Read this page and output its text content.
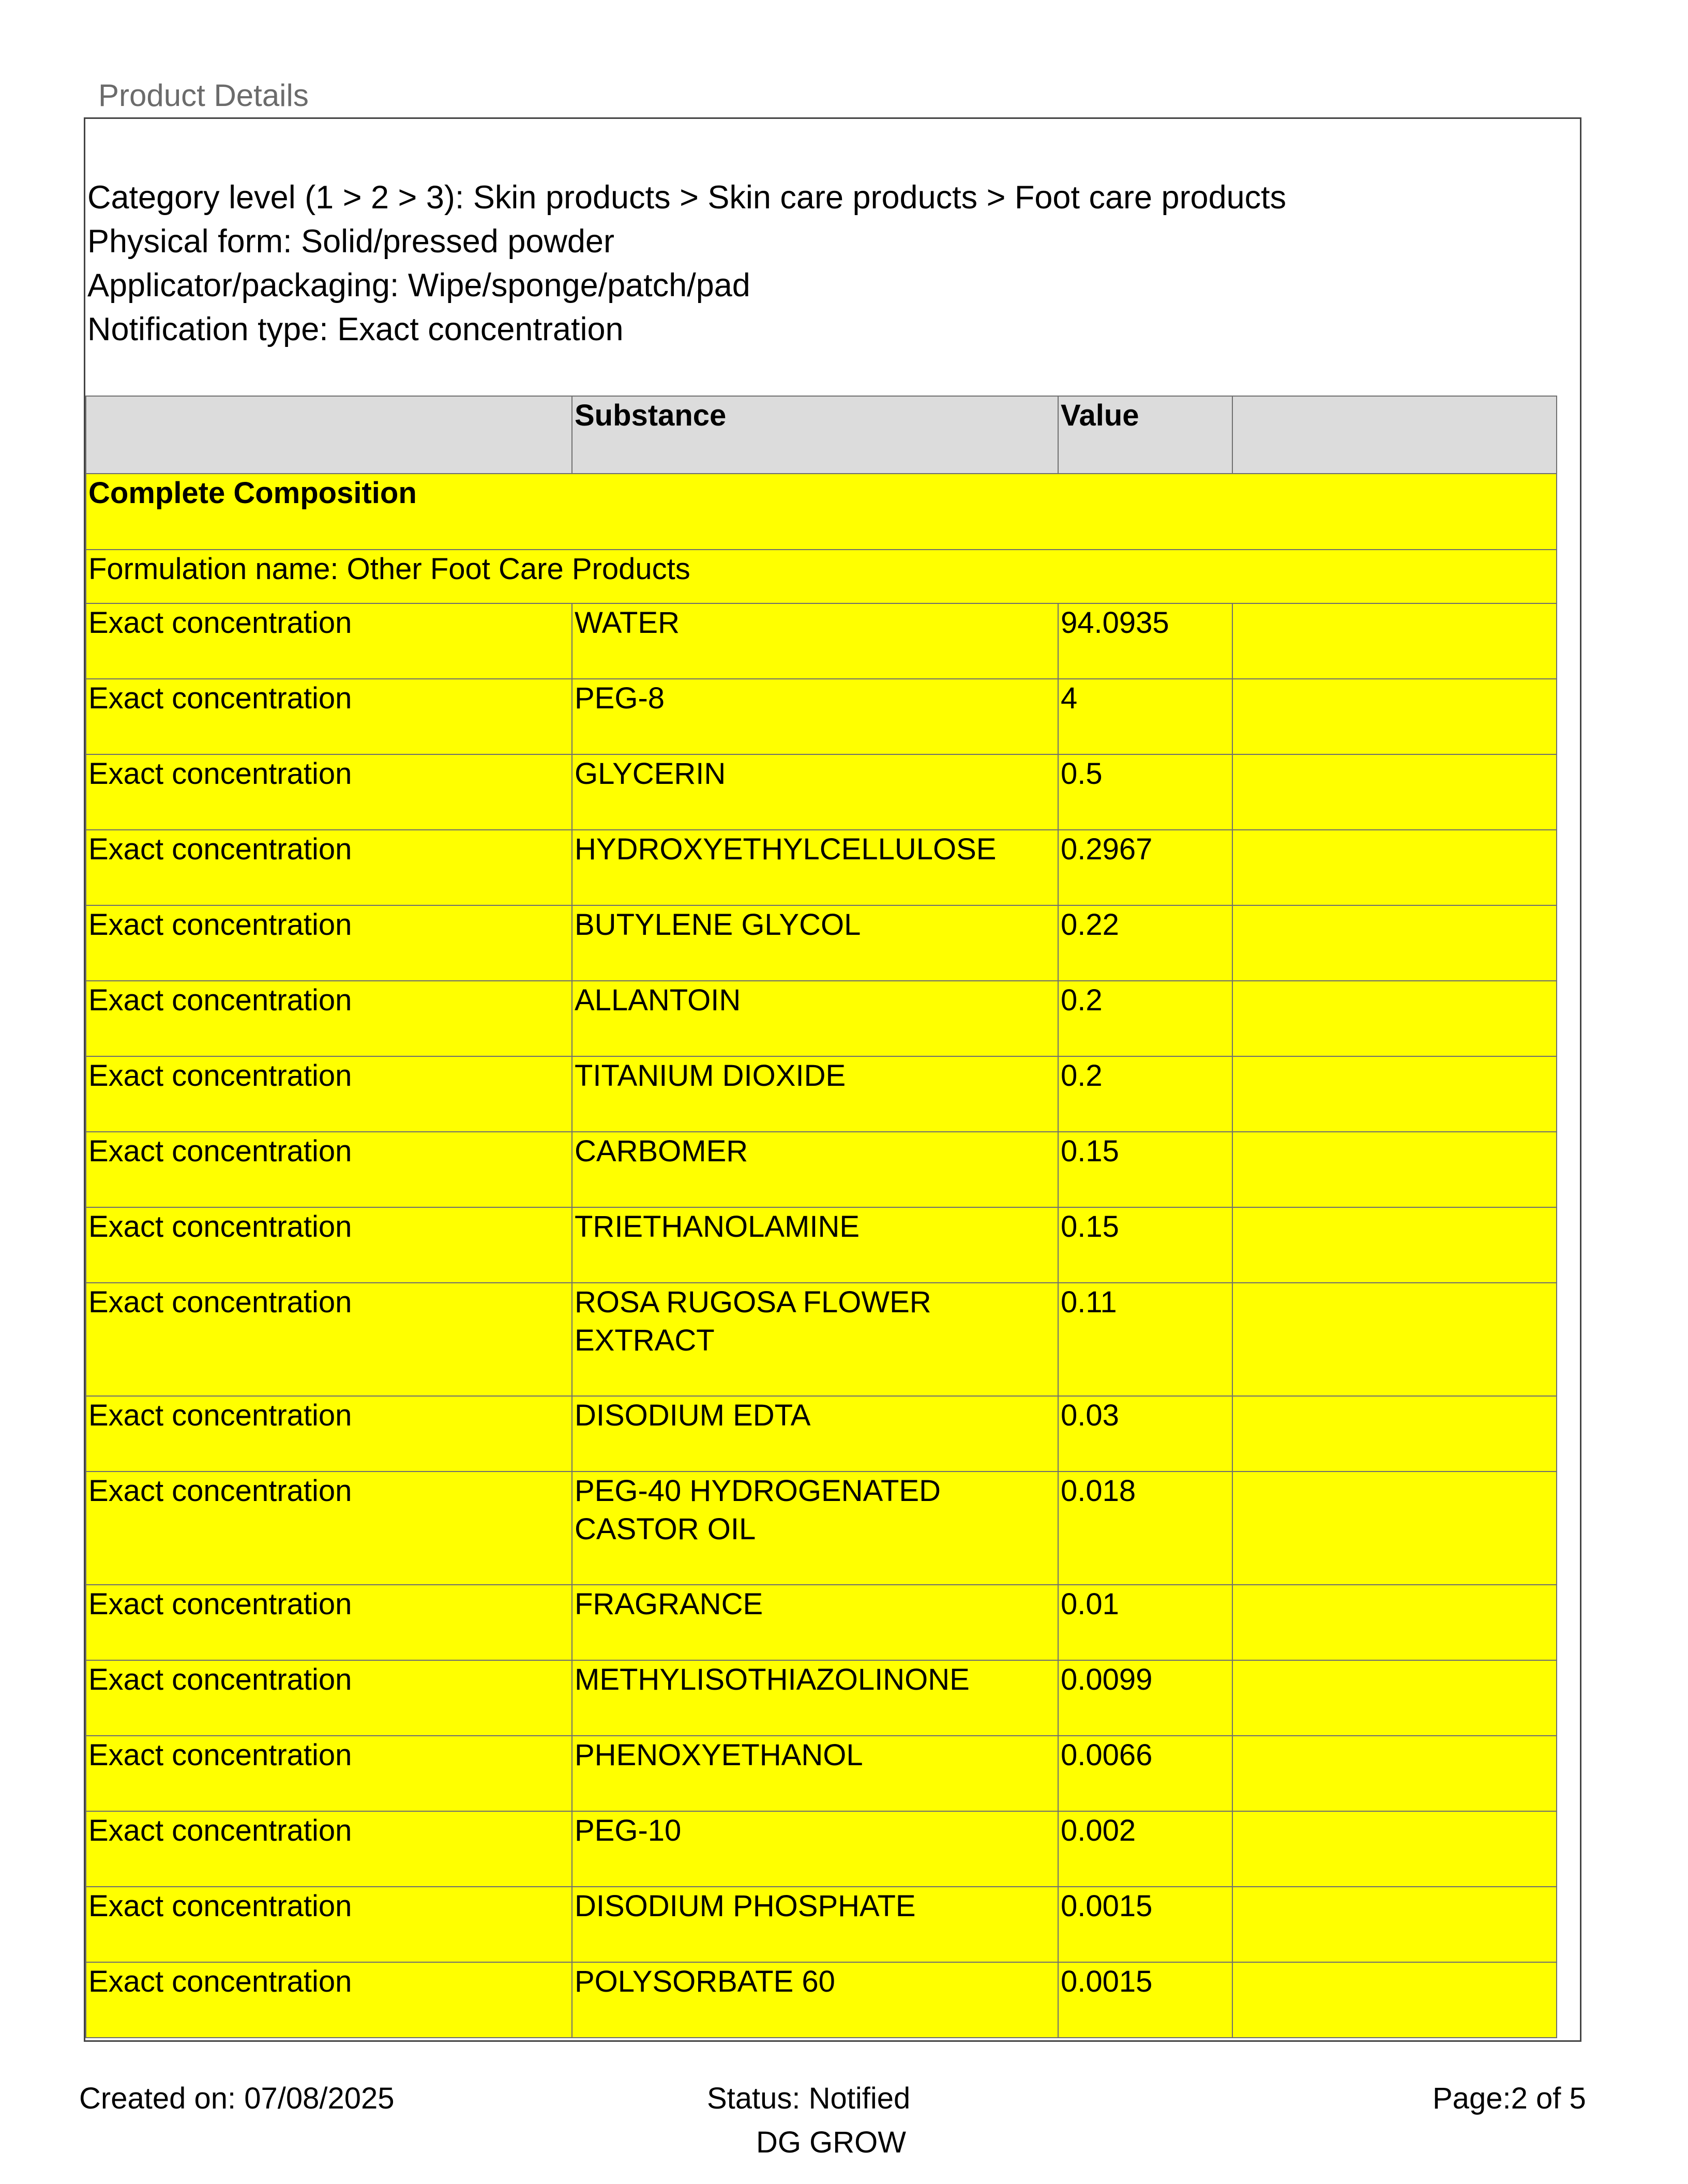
Product Details
Category level (1 > 2 > 3): Skin products > Skin care products > Foot care products
Physical form: Solid/pressed powder
Applicator/packaging: Wipe/sponge/patch/pad
Notification type: Exact concentration
	Substance	Value	
Complete Composition			
Formulation name: Other Foot Care Products			
Exact concentration	WATER	94.0935	
Exact concentration	PEG-8	4	
Exact concentration	GLYCERIN	0.5	
Exact concentration	HYDROXYETHYLCELLULOSE	0.2967	
Exact concentration	BUTYLENE GLYCOL	0.22	
Exact concentration	ALLANTOIN	0.2	
Exact concentration	TITANIUM DIOXIDE	0.2	
Exact concentration	CARBOMER	0.15	
Exact concentration	TRIETHANOLAMINE	0.15	
Exact concentration	ROSA RUGOSA FLOWER EXTRACT	0.11	
Exact concentration	DISODIUM EDTA	0.03	
Exact concentration	PEG-40 HYDROGENATED CASTOR OIL	0.018	
Exact concentration	FRAGRANCE	0.01	
Exact concentration	METHYLISOTHIAZOLINONE	0.0099	
Exact concentration	PHENOXYETHANOL	0.0066	
Exact concentration	PEG-10	0.002	
Exact concentration	DISODIUM PHOSPHATE	0.0015	
Exact concentration	POLYSORBATE 60	0.0015	
Created on: 07/08/2025	Status: Notified	Page:2 of 5
DG GROW
